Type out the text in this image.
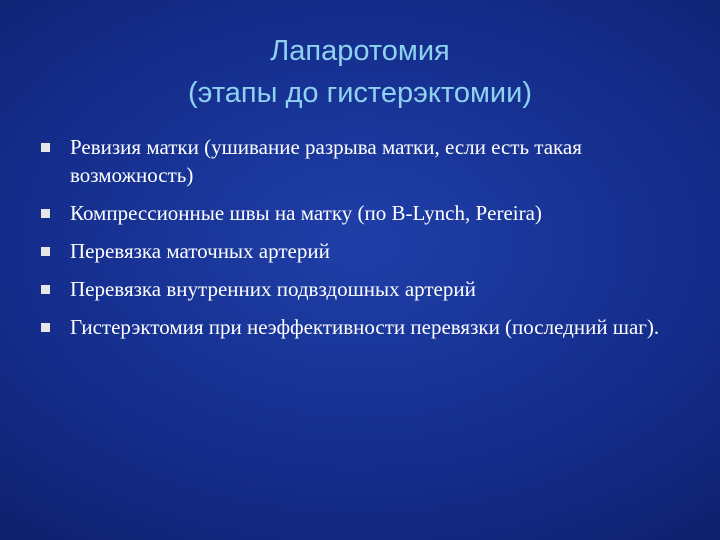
Лапаротомия
(этапы до гистерэктомии)
Ревизия матки (ушивание разрыва матки, если есть такая возможность)
Компрессионные швы на матку (по B-Lynch, Pereira)
Перевязка маточных артерий
Перевязка внутренних подвздошных артерий
Гистерэктомия при неэффективности перевязки (последний шаг).
